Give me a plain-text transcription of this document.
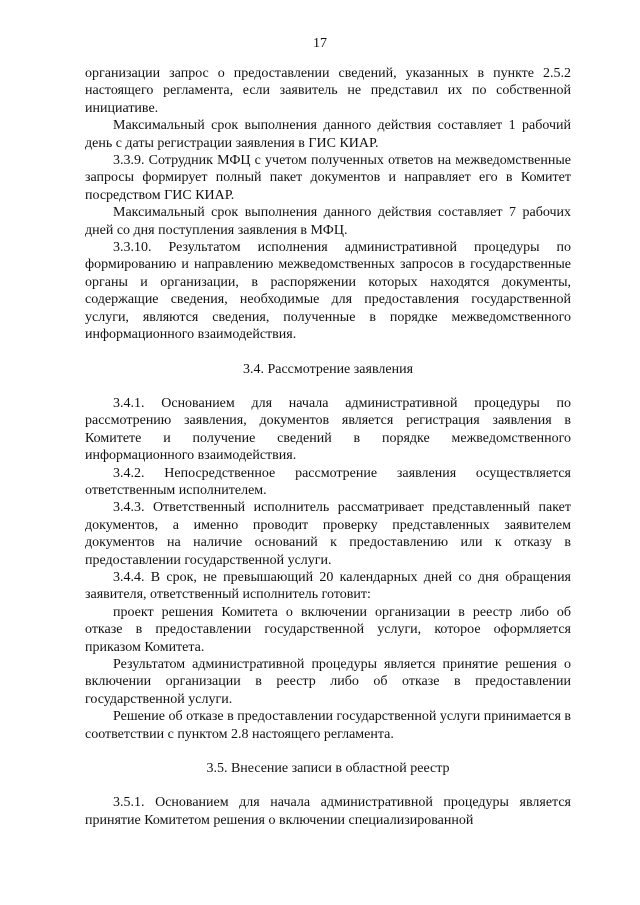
17

организации запрос о предоставлении сведений, указанных в пункте 2.5.2 настоящего регламента, если заявитель не представил их по собственной инициативе.

Максимальный срок выполнения данного действия составляет 1 рабочий день с даты регистрации заявления в ГИС КИАР.

3.3.9. Сотрудник МФЦ с учетом полученных ответов на межведомственные запросы формирует полный пакет документов и направляет его в Комитет посредством ГИС КИАР.

Максимальный срок выполнения данного действия составляет 7 рабочих дней со дня поступления заявления в МФЦ.

3.3.10. Результатом исполнения административной процедуры по формированию и направлению межведомственных запросов в государственные органы и организации, в распоряжении которых находятся документы, содержащие сведения, необходимые для предоставления государственной услуги, являются сведения, полученные в порядке межведомственного информационного взаимодействия.

3.4. Рассмотрение заявления

3.4.1. Основанием для начала административной процедуры по рассмотрению заявления, документов является регистрация заявления в Комитете и получение сведений в порядке межведомственного информационного взаимодействия.

3.4.2. Непосредственное рассмотрение заявления осуществляется ответственным исполнителем.

3.4.3. Ответственный исполнитель рассматривает представленный пакет документов, а именно проводит проверку представленных заявителем документов на наличие оснований к предоставлению или к отказу в предоставлении государственной услуги.

3.4.4. В срок, не превышающий 20 календарных дней со дня обращения заявителя, ответственный исполнитель готовит:

проект решения Комитета о включении организации в реестр либо об отказе в предоставлении государственной услуги, которое оформляется приказом Комитета.

Результатом административной процедуры является принятие решения о включении организации в реестр либо об отказе в предоставлении государственной услуги.

Решение об отказе в предоставлении государственной услуги принимается в соответствии с пунктом 2.8 настоящего регламента.

3.5. Внесение записи в областной реестр

3.5.1. Основанием для начала административной процедуры является принятие Комитетом решения о включении специализированной
